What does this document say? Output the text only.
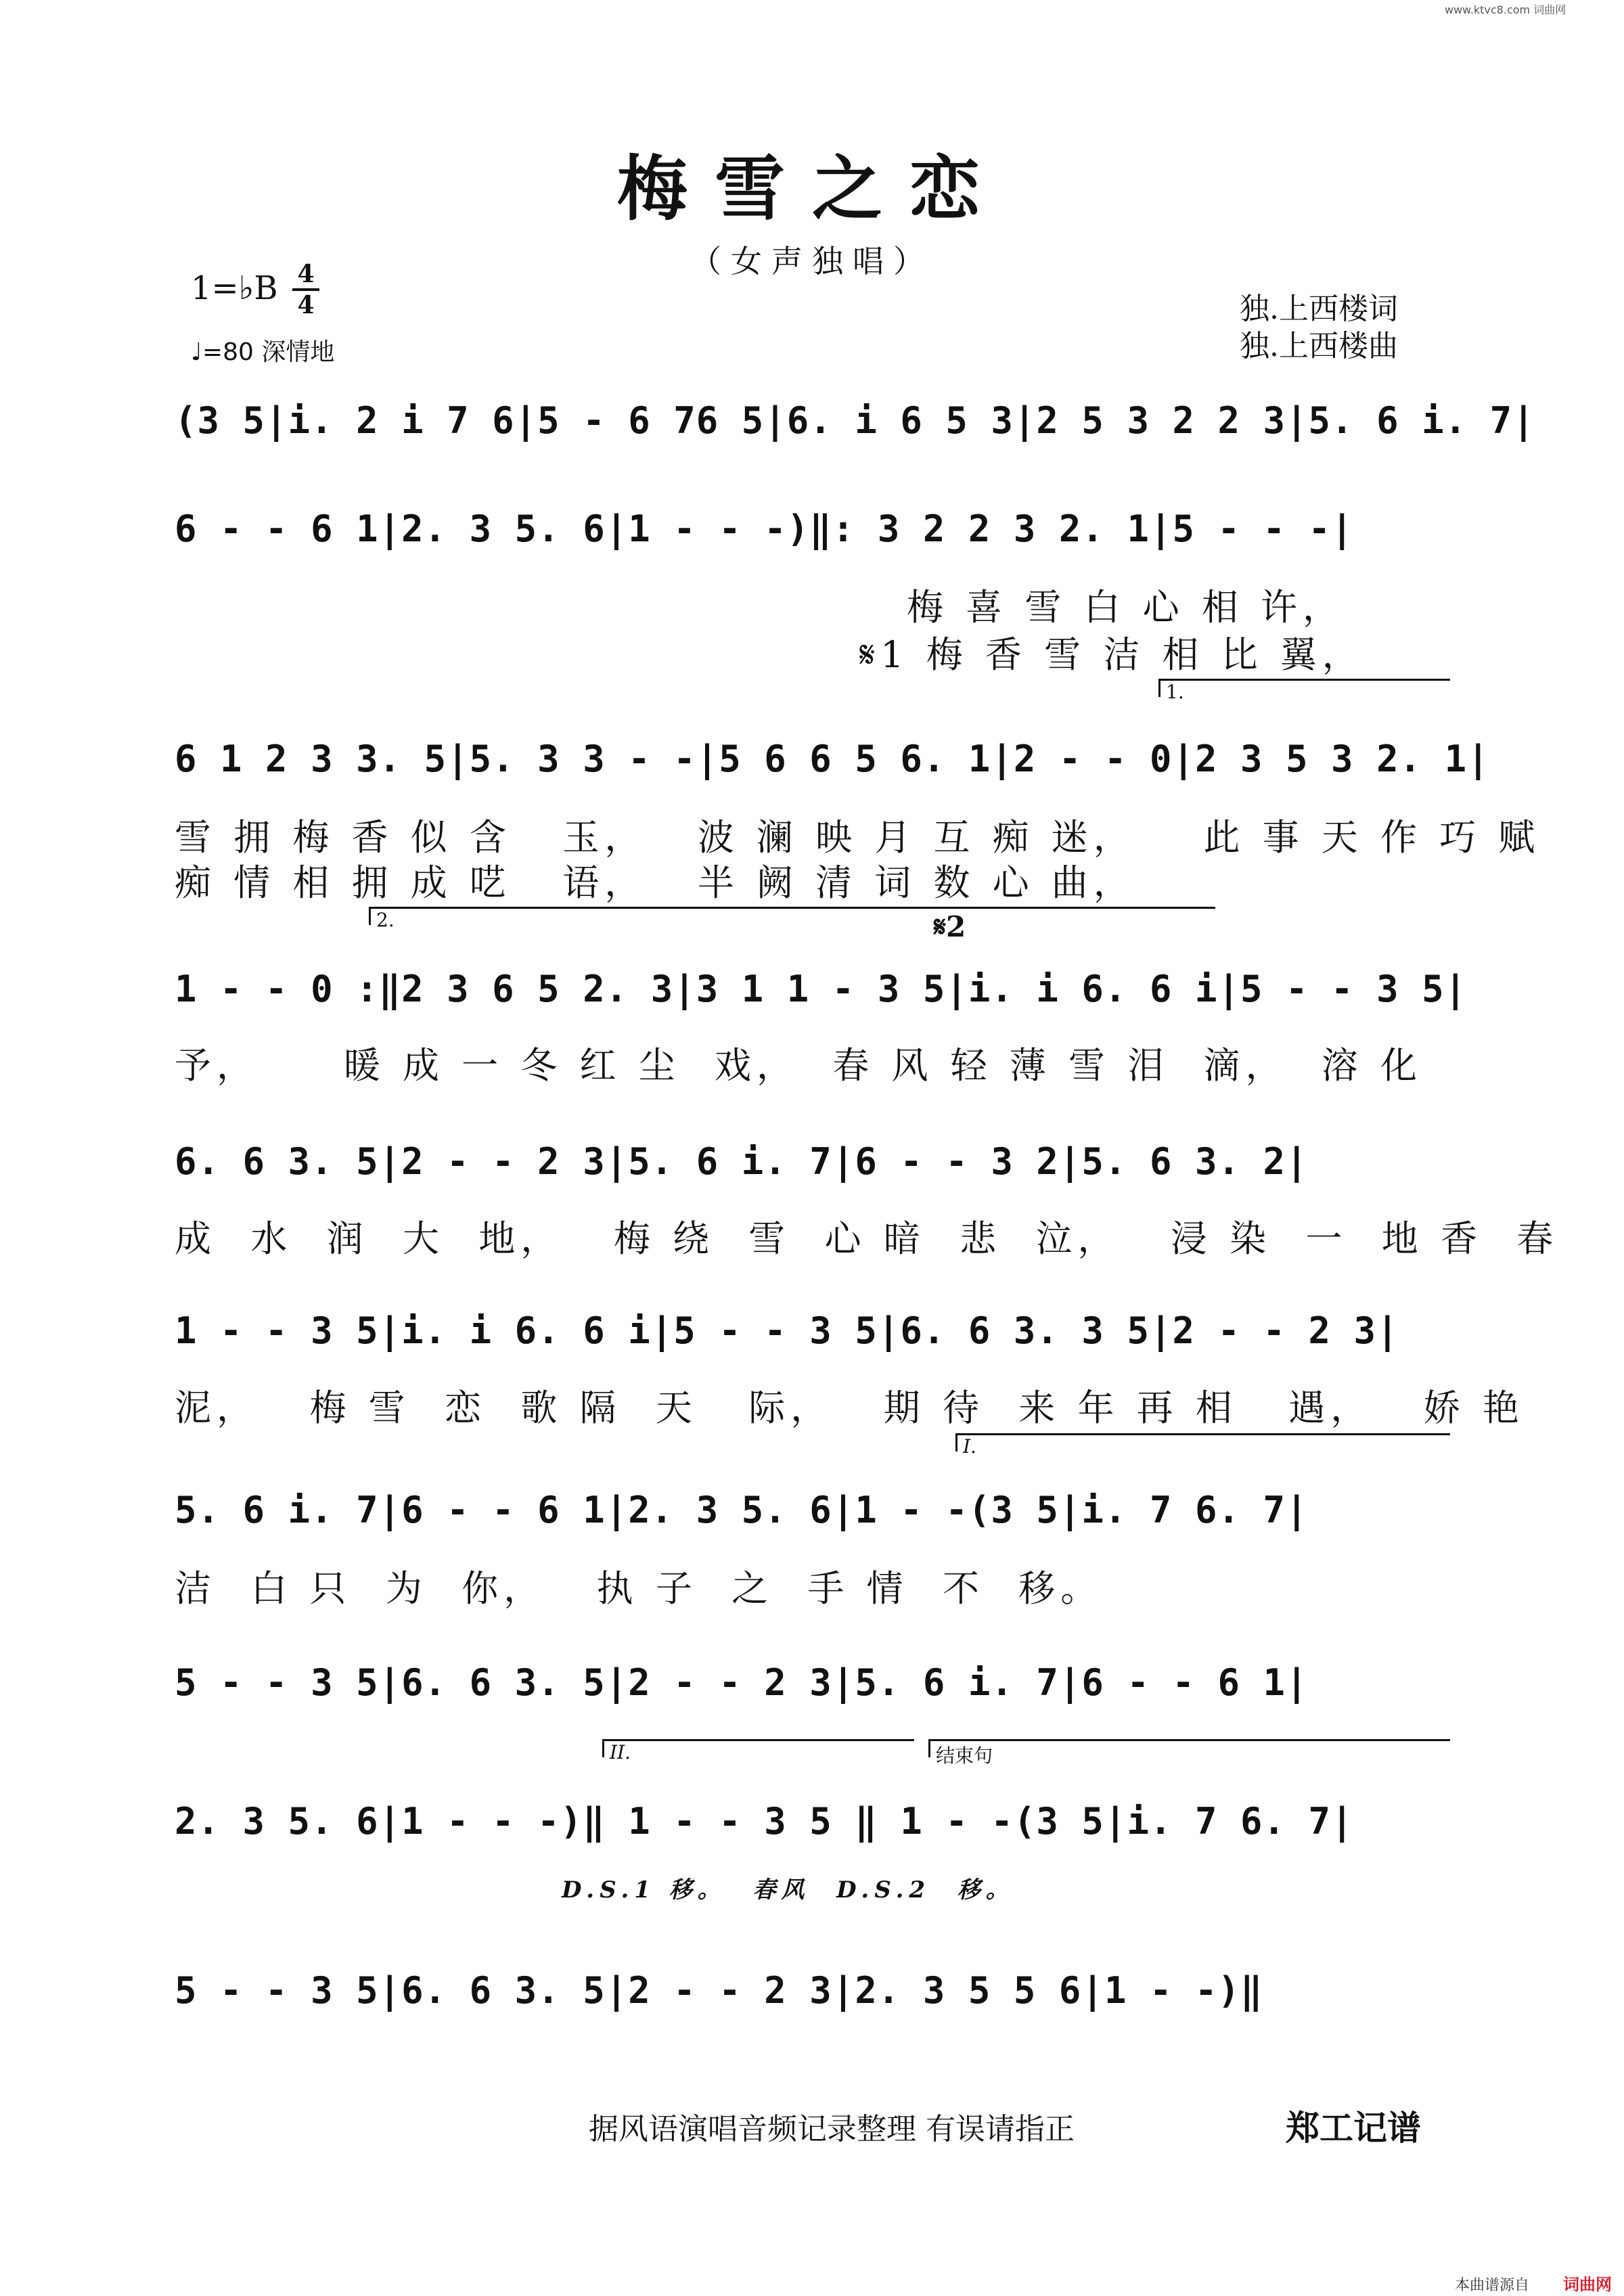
www.ktvc8.com 词曲网
梅雪之恋
（女声独唱）
1=♭B 4
4
♩=80 深情地
独.上西楼词
独.上西楼曲
(3 5|i. 2 i 7 6|5 - 6 76 5|6. i 6 5 3|2 5 3 2 2 3|5. 6 i. 7|
6 - - 6 1|2. 3 5. 6|1 - - -)‖: 3 2 2 3 2. 1|5 - - -|
梅 喜 雪 白 心 相 许，
𝄋1 梅 香 雪 洁 相 比 翼，
1.
6 1 2 3 3. 5|5. 3 3 - -|5 6 6 5 6. 1|2 - - 0|2 3 5 3 2. 1|
雪 拥 梅 香 似 含   玉，   波 澜 映 月 互 痴 迷，    此 事 天 作 巧 赋
痴 情 相 拥 成 呓   语，   半 阙 清 词 数 心 曲，
2.	𝄋2
1 - - 0 :‖2 3 6 5 2. 3|3 1 1 - 3 5|i. i 6. 6 i|5 - - 3 5|
予，     暖 成 一 冬 红 尘  戏，  春 风 轻 薄 雪 泪  滴，  溶 化
6. 6 3. 5|2 - - 2 3|5. 6 i. 7|6 - - 3 2|5. 6 3. 2|
成  水  润  大  地，   梅 绕  雪  心 暗  悲  泣，   浸 染  一  地 香  春
1 - - 3 5|i. i 6. 6 i|5 - - 3 5|6. 6 3. 3 5|2 - - 2 3|
泥，   梅 雪  恋  歌 隔  天   际，   期 待  来 年 再 相   遇，   娇 艳
I.
5. 6 i. 7|6 - - 6 1|2. 3 5. 6|1 - -(3 5|i. 7 6. 7|
洁  白 只  为  你，   执 子  之  手 情  不  移。
5 - - 3 5|6. 6 3. 5|2 - - 2 3|5. 6 i. 7|6 - - 6 1|
II.	结束句
2. 3 5. 6|1 - - -)‖ 1 - - 3 5 ‖ 1 - -(3 5|i. 7 6. 7|
D.S.1 移。  春风  D.S.2  移。
5 - - 3 5|6. 6 3. 5|2 - - 2 3|2. 3 5 5 6|1 - -)‖
据风语演唱音频记录整理 有误请指正	郑工记谱
本曲谱源自 词曲网
